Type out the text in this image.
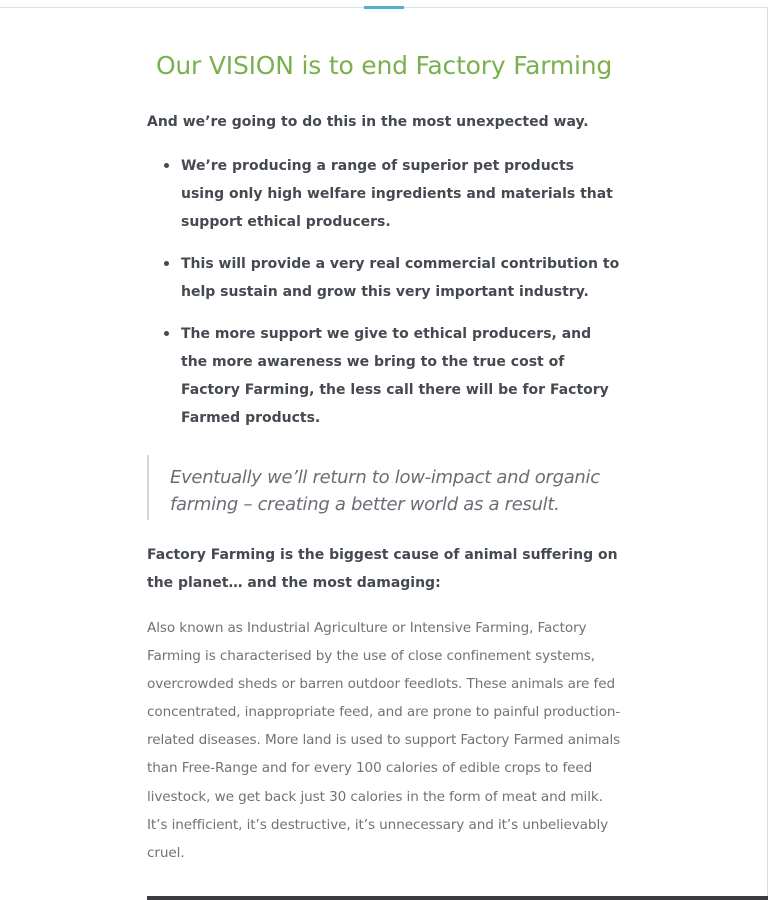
Our VISION is to end Factory Farming

And we’re going to do this in the most unexpected way.

We’re producing a range of superior pet products using only high welfare ingredients and materials that support ethical producers.
This will provide a very real commercial contribution to help sustain and grow this very important industry.
The more support we give to ethical producers, and the more awareness we bring to the true cost of Factory Farming, the less call there will be for Factory Farmed products.

Eventually we’ll return to low-impact and organic farming – creating a better world as a result.

Factory Farming is the biggest cause of animal suffering on the planet… and the most damaging:

Also known as Industrial Agriculture or Intensive Farming, Factory Farming is characterised by the use of close confinement systems, overcrowded sheds or barren outdoor feedlots. These animals are fed concentrated, inappropriate feed, and are prone to painful production-related diseases. More land is used to support Factory Farmed animals than Free-Range and for every 100 calories of edible crops to feed livestock, we get back just 30 calories in the form of meat and milk. It’s inefficient, it’s destructive, it’s unnecessary and it’s unbelievably cruel.
